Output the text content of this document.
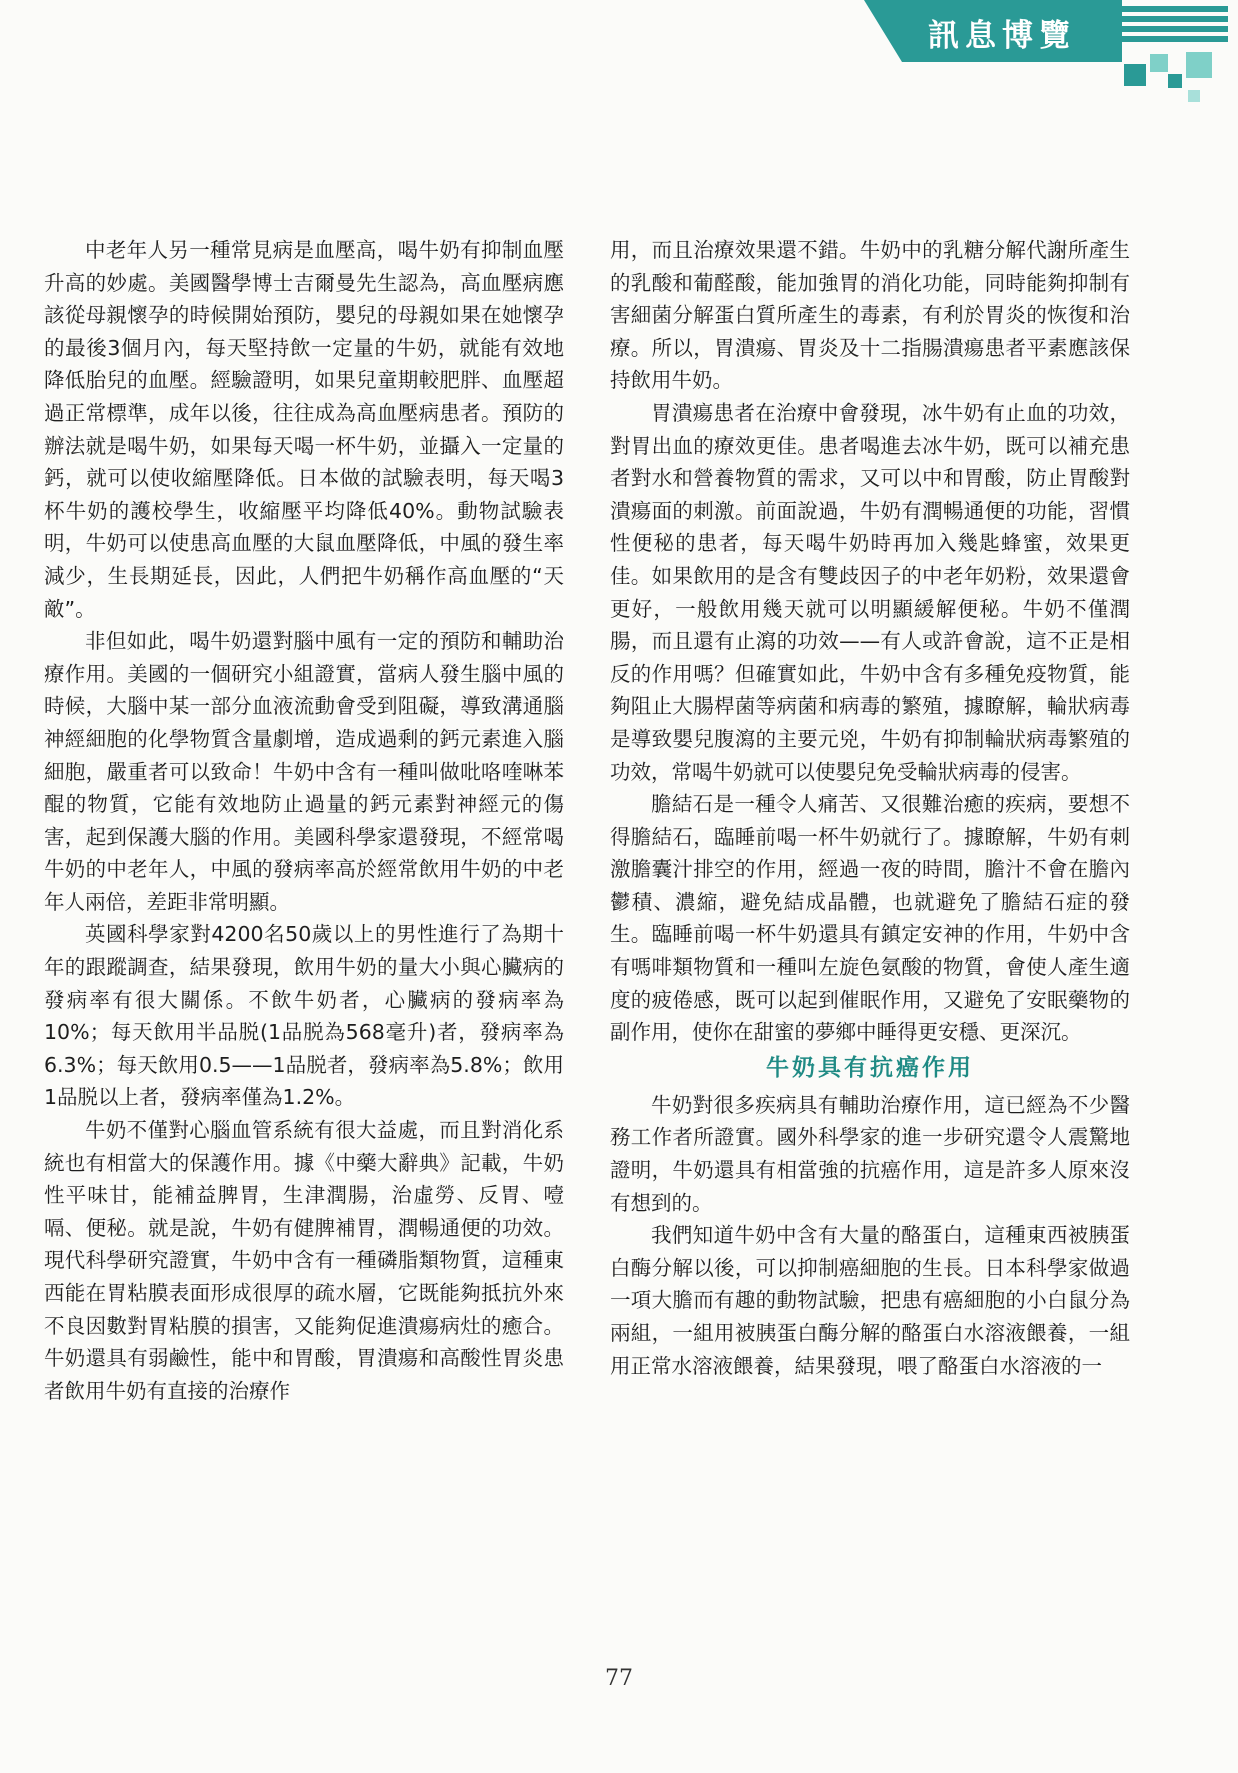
訊息博覽

中老年人另一種常見病是血壓高，喝牛奶有抑制血壓升高的妙處。美國醫學博士吉爾曼先生認為，高血壓病應該從母親懷孕的時候開始預防，嬰兒的母親如果在她懷孕的最後3個月內，每天堅持飲一定量的牛奶，就能有效地降低胎兒的血壓。經驗證明，如果兒童期較肥胖、血壓超過正常標準，成年以後，往往成為高血壓病患者。預防的辦法就是喝牛奶，如果每天喝一杯牛奶，並攝入一定量的鈣，就可以使收縮壓降低。日本做的試驗表明，每天喝3杯牛奶的護校學生，收縮壓平均降低40%。動物試驗表明，牛奶可以使患高血壓的大鼠血壓降低，中風的發生率減少，生長期延長，因此，人們把牛奶稱作高血壓的“天敵”。

非但如此，喝牛奶還對腦中風有一定的預防和輔助治療作用。美國的一個研究小組證實，當病人發生腦中風的時候，大腦中某一部分血液流動會受到阻礙，導致溝通腦神經細胞的化學物質含量劇增，造成過剩的鈣元素進入腦細胞，嚴重者可以致命！牛奶中含有一種叫做吡咯喹啉苯醌的物質，它能有效地防止過量的鈣元素對神經元的傷害，起到保護大腦的作用。美國科學家還發現，不經常喝牛奶的中老年人，中風的發病率高於經常飲用牛奶的中老年人兩倍，差距非常明顯。

英國科學家對4200名50歲以上的男性進行了為期十年的跟蹤調查，結果發現，飲用牛奶的量大小與心臟病的發病率有很大關係。不飲牛奶者，心臟病的發病率為10%；每天飲用半品脱(1品脱為568毫升)者，發病率為6.3%；每天飲用0.5——1品脱者，發病率為5.8%；飲用1品脱以上者，發病率僅為1.2%。

牛奶不僅對心腦血管系統有很大益處，而且對消化系統也有相當大的保護作用。據《中藥大辭典》記載，牛奶性平味甘，能補益脾胃，生津潤腸，治虛勞、反胃、噎嗝、便秘。就是說，牛奶有健脾補胃，潤暢通便的功效。現代科學研究證實，牛奶中含有一種磷脂類物質，這種東西能在胃粘膜表面形成很厚的疏水層，它既能夠抵抗外來不良因數對胃粘膜的損害，又能夠促進潰瘍病灶的癒合。牛奶還具有弱鹼性，能中和胃酸，胃潰瘍和高酸性胃炎患者飲用牛奶有直接的治療作

用，而且治療效果還不錯。牛奶中的乳糖分解代謝所產生的乳酸和葡醛酸，能加強胃的消化功能，同時能夠抑制有害細菌分解蛋白質所產生的毒素，有利於胃炎的恢復和治療。所以，胃潰瘍、胃炎及十二指腸潰瘍患者平素應該保持飲用牛奶。

胃潰瘍患者在治療中會發現，冰牛奶有止血的功效，對胃出血的療效更佳。患者喝進去冰牛奶，既可以補充患者對水和營養物質的需求，又可以中和胃酸，防止胃酸對潰瘍面的刺激。前面說過，牛奶有潤暢通便的功能，習慣性便秘的患者，每天喝牛奶時再加入幾匙蜂蜜，效果更佳。如果飲用的是含有雙歧因子的中老年奶粉，效果還會更好，一般飲用幾天就可以明顯緩解便秘。牛奶不僅潤腸，而且還有止瀉的功效——有人或許會說，這不正是相反的作用嗎？但確實如此，牛奶中含有多種免疫物質，能夠阻止大腸桿菌等病菌和病毒的繁殖，據瞭解，輪狀病毒是導致嬰兒腹瀉的主要元兇，牛奶有抑制輪狀病毒繁殖的功效，常喝牛奶就可以使嬰兒免受輪狀病毒的侵害。

膽結石是一種令人痛苦、又很難治癒的疾病，要想不得膽結石，臨睡前喝一杯牛奶就行了。據瞭解，牛奶有刺激膽囊汁排空的作用，經過一夜的時間，膽汁不會在膽內鬱積、濃縮，避免結成晶體，也就避免了膽結石症的發生。臨睡前喝一杯牛奶還具有鎮定安神的作用，牛奶中含有嗎啡類物質和一種叫左旋色氨酸的物質，會使人產生適度的疲倦感，既可以起到催眠作用，又避免了安眠藥物的副作用，使你在甜蜜的夢鄉中睡得更安穩、更深沉。

牛奶具有抗癌作用

牛奶對很多疾病具有輔助治療作用，這已經為不少醫務工作者所證實。國外科學家的進一步研究還令人震驚地證明，牛奶還具有相當強的抗癌作用，這是許多人原來沒有想到的。

我們知道牛奶中含有大量的酪蛋白，這種東西被胰蛋白酶分解以後，可以抑制癌細胞的生長。日本科學家做過一項大膽而有趣的動物試驗，把患有癌細胞的小白鼠分為兩組，一組用被胰蛋白酶分解的酪蛋白水溶液餵養，一組用正常水溶液餵養，結果發現，喂了酪蛋白水溶液的一

77
